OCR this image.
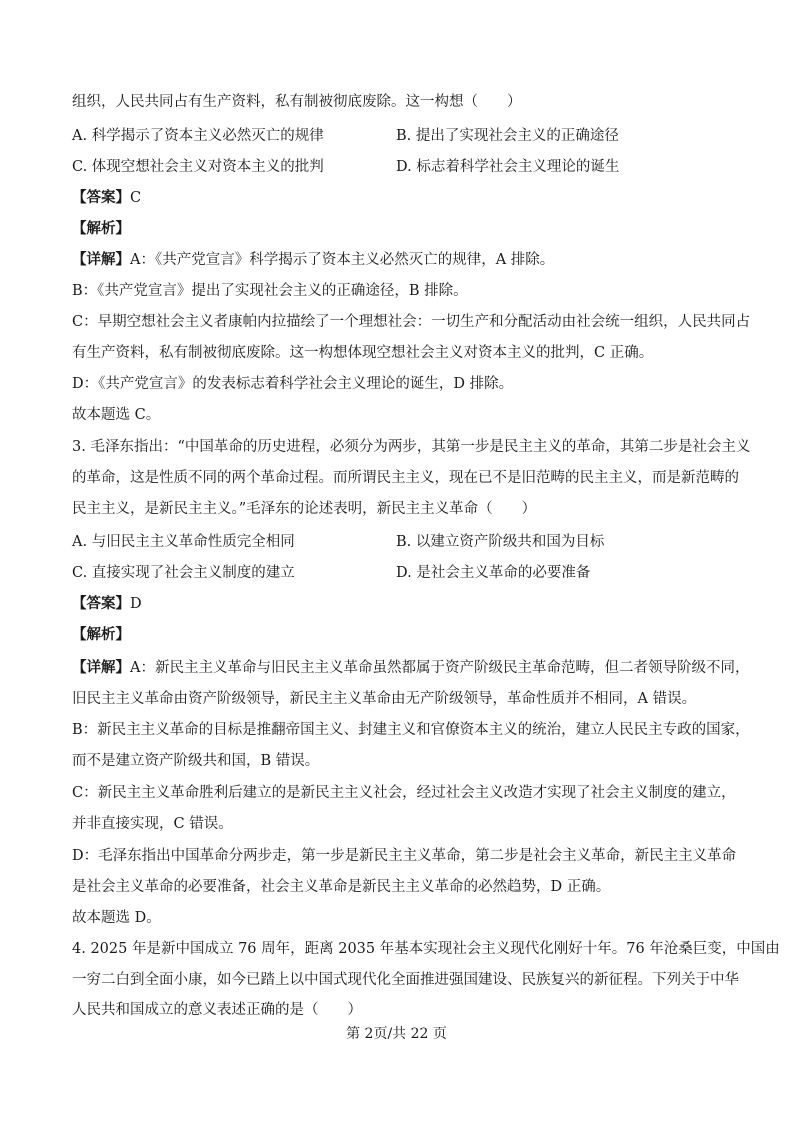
组织，人民共同占有生产资料，私有制被彻底废除。这一构想（　　）
A. 科学揭示了资本主义必然灭亡的规律	B. 提出了实现社会主义的正确途径
C. 体现空想社会主义对资本主义的批判	D. 标志着科学社会主义理论的诞生
【答案】C
【解析】
【详解】A：《共产党宣言》科学揭示了资本主义必然灭亡的规律，A 排除。
B：《共产党宣言》提出了实现社会主义的正确途径，B 排除。
C：早期空想社会主义者康帕内拉描绘了一个理想社会：一切生产和分配活动由社会统一组织，人民共同占
有生产资料，私有制被彻底废除。这一构想体现空想社会主义对资本主义的批判，C 正确。
D：《共产党宣言》的发表标志着科学社会主义理论的诞生，D 排除。
故本题选 C。
3. 毛泽东指出：“中国革命的历史进程，必须分为两步，其第一步是民主主义的革命，其第二步是社会主义
的革命，这是性质不同的两个革命过程。而所谓民主主义，现在已不是旧范畴的民主主义，而是新范畴的
民主主义，是新民主主义。”毛泽东的论述表明，新民主主义革命（　　）
A. 与旧民主主义革命性质完全相同	B. 以建立资产阶级共和国为目标
C. 直接实现了社会主义制度的建立	D. 是社会主义革命的必要准备
【答案】D
【解析】
【详解】A：新民主主义革命与旧民主主义革命虽然都属于资产阶级民主革命范畴，但二者领导阶级不同，
旧民主主义革命由资产阶级领导，新民主主义革命由无产阶级领导，革命性质并不相同，A 错误。
B：新民主主义革命的目标是推翻帝国主义、封建主义和官僚资本主义的统治，建立人民民主专政的国家，
而不是建立资产阶级共和国，B 错误。
C：新民主主义革命胜利后建立的是新民主主义社会，经过社会主义改造才实现了社会主义制度的建立，
并非直接实现，C 错误。
D：毛泽东指出中国革命分两步走，第一步是新民主主义革命，第二步是社会主义革命，新民主主义革命
是社会主义革命的必要准备，社会主义革命是新民主主义革命的必然趋势，D 正确。
故本题选 D。
4. 2025 年是新中国成立 76 周年，距离 2035 年基本实现社会主义现代化刚好十年。76 年沧桑巨变，中国由
一穷二白到全面小康，如今已踏上以中国式现代化全面推进强国建设、民族复兴的新征程。下列关于中华
人民共和国成立的意义表述正确的是（　　）
第 2页/共 22 页
